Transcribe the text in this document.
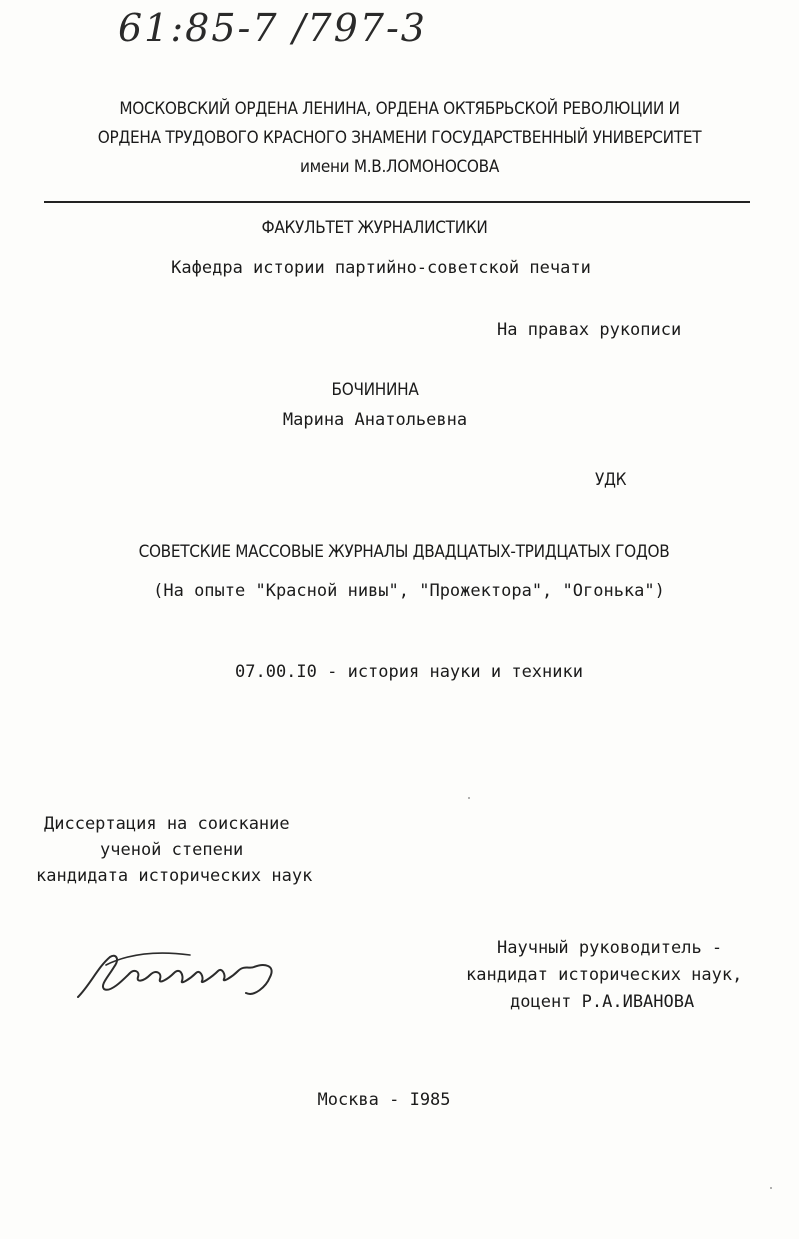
61:85-7 /797-3
МОСКОВСКИЙ ОРДЕНА ЛЕНИНА, ОРДЕНА ОКТЯБРЬСКОЙ РЕВОЛЮЦИИ И
ОРДЕНА ТРУДОВОГО КРАСНОГО ЗНАМЕНИ ГОСУДАРСТВЕННЫЙ УНИВЕРСИТЕТ
имени М.В.ЛОМОНОСОВА
ФАКУЛЬТЕТ ЖУРНАЛИСТИКИ
Кафедра истории партийно-советской печати
На правах рукописи
БОЧИНИНА
Марина Анатольевна
УДК
СОВЕТСКИЕ МАССОВЫЕ ЖУРНАЛЫ ДВАДЦАТЫХ-ТРИДЦАТЫХ ГОДОВ
(На опыте "Красной нивы", "Прожектора", "Огонька")
07.00.I0 - история науки и техники
Диссертация на соискание
ученой степени
кандидата исторических наук
Научный руководитель -
кандидат исторических наук,
доцент Р.А.ИВАНОВА
Москва - I985
